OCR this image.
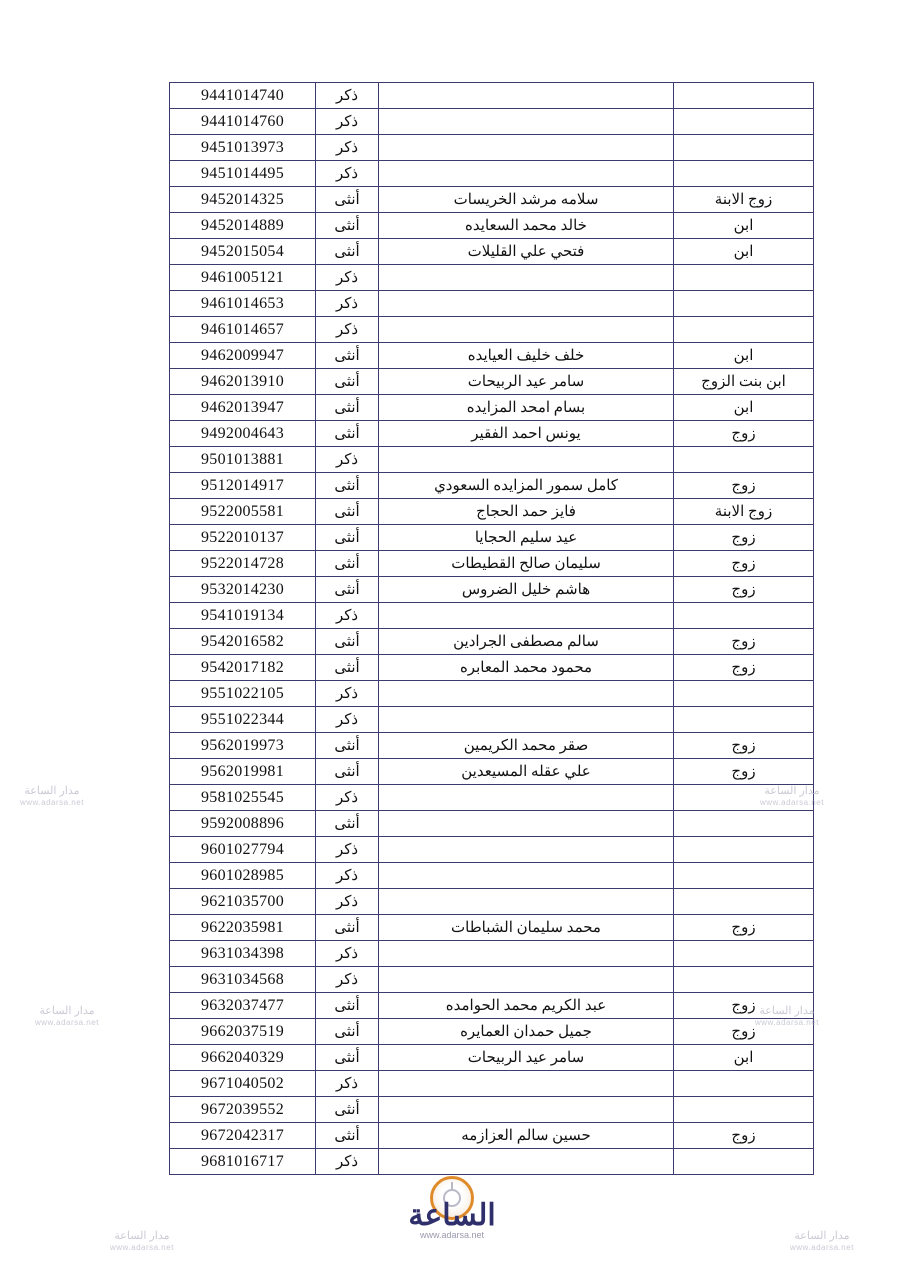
		ذكر	9441014740
		ذكر	9441014760
		ذكر	9451013973
		ذكر	9451014495
زوج الابنة	سلامه مرشد الخريسات	أنثى	9452014325
ابن	خالد محمد السعايده	أنثى	9452014889
ابن	فتحي علي القليلات	أنثى	9452015054
		ذكر	9461005121
		ذكر	9461014653
		ذكر	9461014657
ابن	خلف خليف العيايده	أنثى	9462009947
ابن بنت الزوج	سامر عيد الربيحات	أنثى	9462013910
ابن	بسام امحد المزايده	أنثى	9462013947
زوج	يونس احمد الفقير	أنثى	9492004643
		ذكر	9501013881
زوج	كامل سمور المزايده السعودي	أنثى	9512014917
زوج الابنة	فايز حمد الحجاج	أنثى	9522005581
زوج	عيد سليم الحجايا	أنثى	9522010137
زوج	سليمان صالح القطيطات	أنثى	9522014728
زوج	هاشم خليل الضروس	أنثى	9532014230
		ذكر	9541019134
زوج	سالم مصطفى الجرادين	أنثى	9542016582
زوج	محمود محمد المعابره	أنثى	9542017182
		ذكر	9551022105
		ذكر	9551022344
زوج	صقر محمد الكريمين	أنثى	9562019973
زوج	علي عقله المسيعدين	أنثى	9562019981
		ذكر	9581025545
		أنثى	9592008896
		ذكر	9601027794
		ذكر	9601028985
		ذكر	9621035700
زوج	محمد سليمان الشباطات	أنثى	9622035981
		ذكر	9631034398
		ذكر	9631034568
زوج	عبد الكريم محمد الحوامده	أنثى	9632037477
زوج	جميل حمدان العمايره	أنثى	9662037519
ابن	سامر عيد الربيحات	أنثى	9662040329
		ذكر	9671040502
		أنثى	9672039552
زوج	حسين سالم العزازمه	أنثى	9672042317
		ذكر	9681016717
مدار الساعة
www.adarsa.net
مدار الساعة
www.adarsa.net
مدار الساعة
www.adarsa.net
مدار الساعة
www.adarsa.net
مدار الساعة
www.adarsa.net
مدار الساعة
www.adarsa.net
الساعة
www.adarsa.net
